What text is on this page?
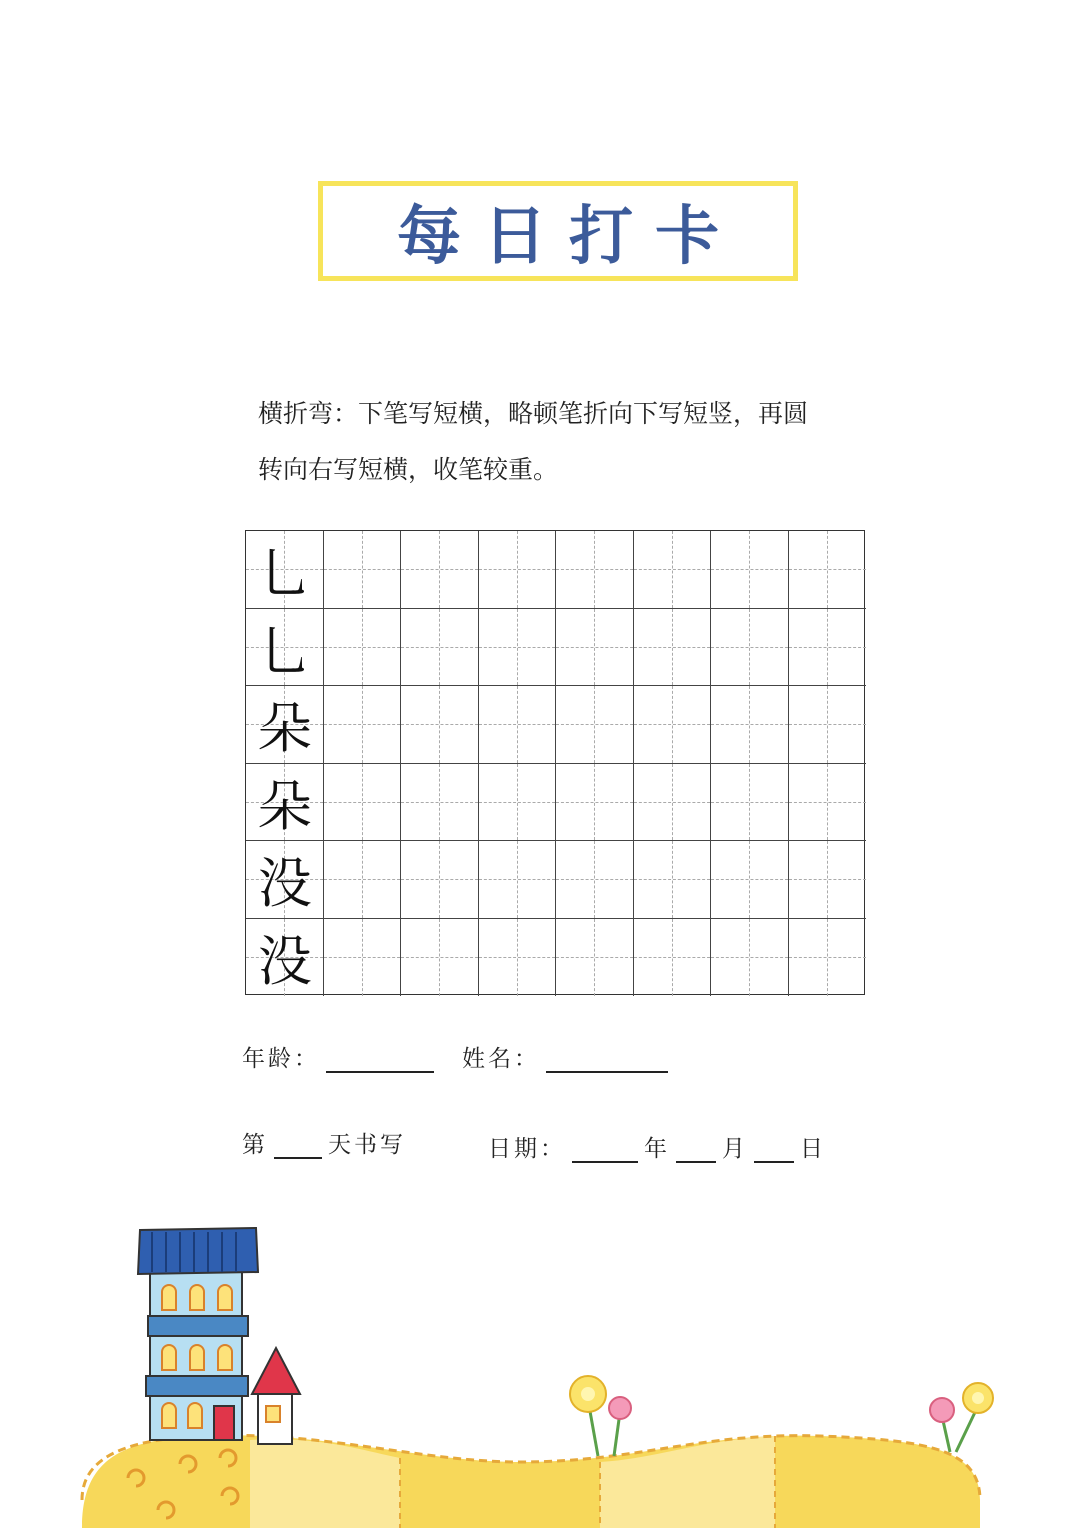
每日打卡
横折弯：下笔写短横，略顿笔折向下写短竖，再圆
转向右写短横，收笔较重。
乚
乚
朵
朵
没
没
年龄：	姓名：
第	天书写	日期：	年 月 日
